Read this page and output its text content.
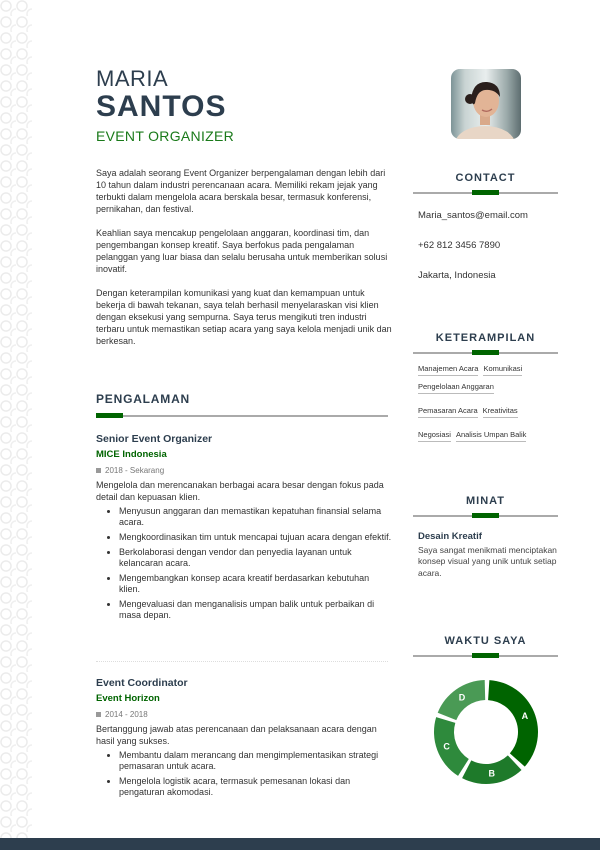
MARIA
SANTOS
EVENT ORGANIZER

Saya adalah seorang Event Organizer berpengalaman dengan lebih dari 10 tahun dalam industri perencanaan acara. Memiliki rekam jejak yang terbukti dalam mengelola acara berskala besar, termasuk konferensi, pernikahan, dan festival.

Keahlian saya mencakup pengelolaan anggaran, koordinasi tim, dan pengembangan konsep kreatif. Saya berfokus pada pengalaman pelanggan yang luar biasa dan selalu berusaha untuk memberikan solusi inovatif.

Dengan keterampilan komunikasi yang kuat dan kemampuan untuk bekerja di bawah tekanan, saya telah berhasil menyelaraskan visi klien dengan eksekusi yang sempurna. Saya terus mengikuti tren industri terbaru untuk memastikan setiap acara yang saya kelola menjadi unik dan berkesan.

PENGALAMAN
Senior Event Organizer
MICE Indonesia
2018 - Sekarang
Mengelola dan merencanakan berbagai acara besar dengan fokus pada detail dan kepuasan klien.
• Menyusun anggaran dan memastikan kepatuhan finansial selama acara.
• Mengkoordinasikan tim untuk mencapai tujuan acara dengan efektif.
• Berkolaborasi dengan vendor dan penyedia layanan untuk kelancaran acara.
• Mengembangkan konsep acara kreatif berdasarkan kebutuhan klien.
• Mengevaluasi dan menganalisis umpan balik untuk perbaikan di masa depan.
Event Coordinator
Event Horizon
2014 - 2018
Bertanggung jawab atas perencanaan dan pelaksanaan acara dengan hasil yang sukses.
• Membantu dalam merancang dan mengimplementasikan strategi pemasaran untuk acara.
• Mengelola logistik acara, termasuk pemesanan lokasi dan pengaturan akomodasi.
CONTACT
Maria_santos@email.com
+62 812 3456 7890
Jakarta, Indonesia
KETERAMPILAN
Manajemen Acara Komunikasi
Pengelolaan Anggaran
Pemasaran Acara Kreativitas
Negosiasi Analisis Umpan Balik
MINAT
Desain Kreatif
Saya sangat menikmati menciptakan konsep visual yang unik untuk setiap acara.
WAKTU SAYA
A
B
C
D
